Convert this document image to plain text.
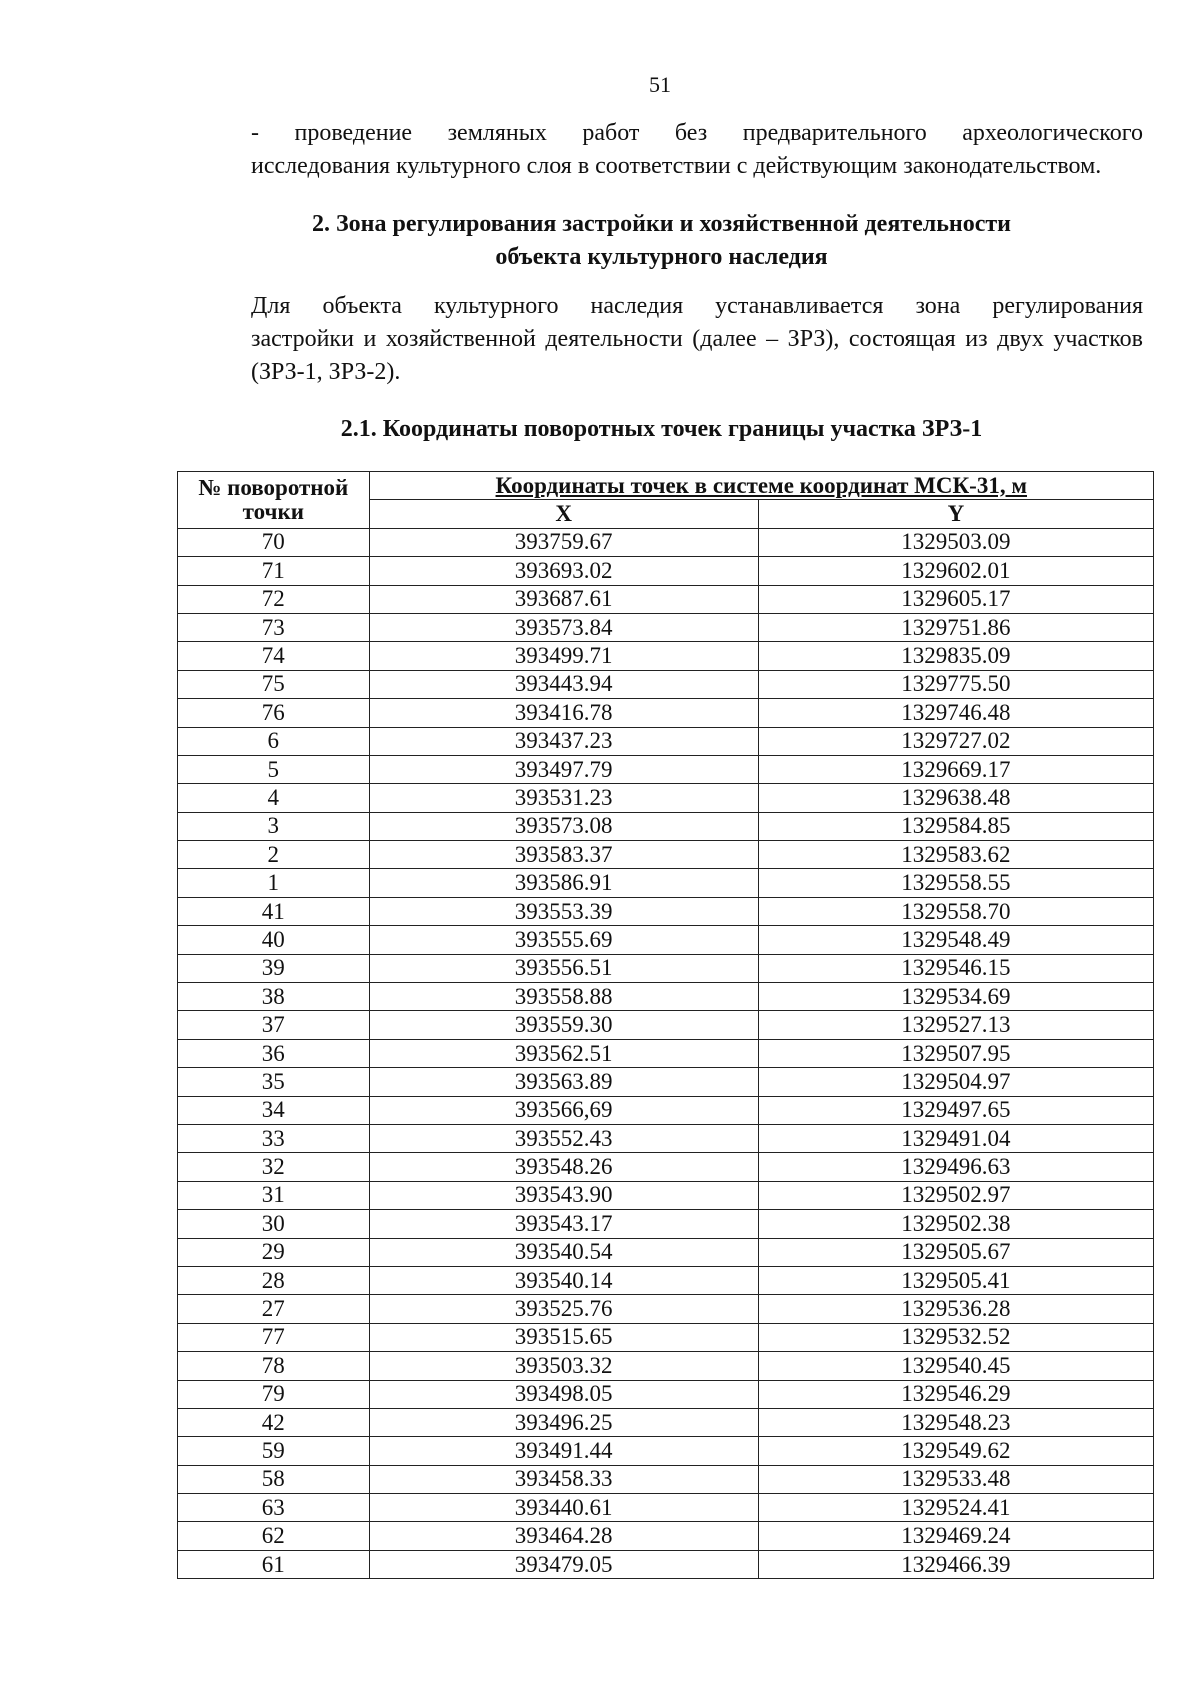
51
- проведение земляных работ без предварительного археологического
исследования культурного слоя в соответствии с действующим законодательством.
2. Зона регулирования застройки и хозяйственной деятельности
объекта культурного наследия
Для объекта культурного наследия устанавливается зона регулирования
застройки и хозяйственной деятельности (далее – ЗРЗ), состоящая из двух участков
(ЗРЗ-1, ЗРЗ-2).
2.1. Координаты поворотных точек границы участка ЗРЗ-1
№ поворотной точки	Координаты точек в системе координат МСК-31, м	
	X	Y
70	393759.67	1329503.09
71	393693.02	1329602.01
72	393687.61	1329605.17
73	393573.84	1329751.86
74	393499.71	1329835.09
75	393443.94	1329775.50
76	393416.78	1329746.48
6	393437.23	1329727.02
5	393497.79	1329669.17
4	393531.23	1329638.48
3	393573.08	1329584.85
2	393583.37	1329583.62
1	393586.91	1329558.55
41	393553.39	1329558.70
40	393555.69	1329548.49
39	393556.51	1329546.15
38	393558.88	1329534.69
37	393559.30	1329527.13
36	393562.51	1329507.95
35	393563.89	1329504.97
34	393566,69	1329497.65
33	393552.43	1329491.04
32	393548.26	1329496.63
31	393543.90	1329502.97
30	393543.17	1329502.38
29	393540.54	1329505.67
28	393540.14	1329505.41
27	393525.76	1329536.28
77	393515.65	1329532.52
78	393503.32	1329540.45
79	393498.05	1329546.29
42	393496.25	1329548.23
59	393491.44	1329549.62
58	393458.33	1329533.48
63	393440.61	1329524.41
62	393464.28	1329469.24
61	393479.05	1329466.39
